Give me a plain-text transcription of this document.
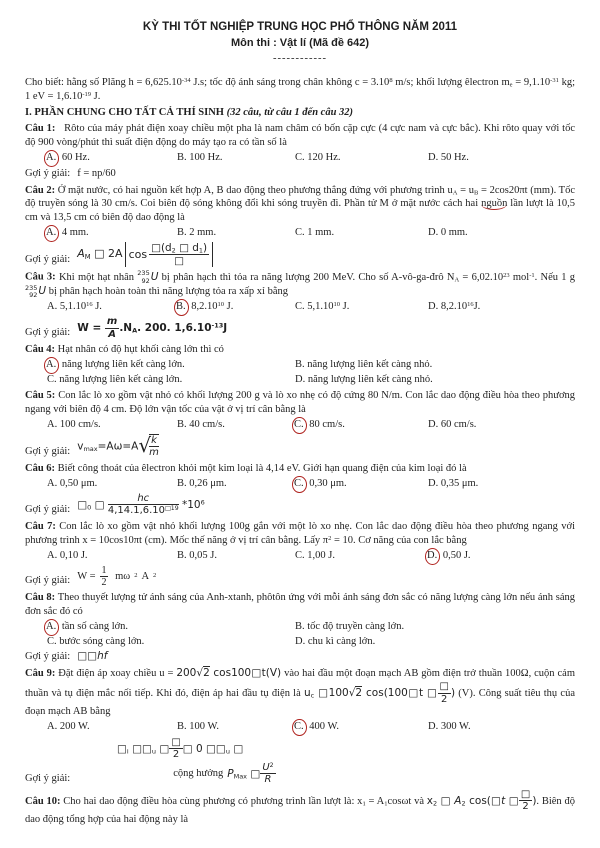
KỲ THI TỐT NGHIỆP TRUNG HỌC PHỔ THÔNG NĂM 2011
Môn thi : Vật lí (Mã đề 642)
------------

Cho biết: hằng số Plăng $h = 6,625.10^{-34}$ J.s; tốc độ ánh sáng trong chân không $c = 3.10^8$ m/s; khối lượng êlectron $m_e = 9,1.10^{-31}$ kg; 1 eV = $1,6.10^{-19}$ J.

I. PHẦN CHUNG CHO TẤT CẢ THÍ SINH (32 câu, từ câu 1 đến câu 32)

Câu 1:   Rôto của máy phát điện xoay chiều một pha là nam châm có bốn cặp cực (4 cực nam và cực bắc). Khi rôto quay với tốc độ 900 vòng/phút thì suất điện động do máy tạo ra có tần số là

A. 60 Hz.	B. 100 Hz.	C. 120 Hz.	D. 50 Hz.
Gợi ý giải: f = np/60

Câu 2: Ở mặt nước, có hai nguồn kết hợp A, B dao động theo phương thẳng đứng với phương trình $u_A = u_B = 2\cos 20\pi t$ (mm). Tốc độ truyền sóng là 30 cm/s. Coi biên độ sóng không đổi khi sóng truyền đi. Phần tử M ở mặt nước cách hai nguồn lần lượt là 10,5 cm và 13,5 cm có biên độ dao động là

A. 4 mm.	B. 2 mm.	C. 1 mm.	D. 0 mm.
Gợi ý giải: $A_M$ □ 2A $\cos □(d_2$ □ $d_1$)
□

Câu 3: Khi một hạt nhân 235
92 U bị phân hạch thì tỏa ra năng lượng 200 MeV. Cho số A-vô-ga-đrô $N_A = 6,02.10^{23}$ mol$^{-1}$. Nếu 1 g
235
92 U bị phân hạch hoàn toàn thì năng lượng tỏa ra xấp xỉ bằng

A. 5,1.10$^{16}$ J.	B. 8,2.10$^{10}$ J.	C. 5,1.10$^{10}$ J.	D. 8,2.10$^{16}$J.
Gợi ý giải: $W = \frac{m}{A} .N_A$. 200. $1,6.10^{-13}J$

Câu 4: Hạt nhân có độ hụt khối càng lớn thì có

A. năng lượng liên kết càng lớn.	B. năng lượng liên kết càng nhỏ.
C. năng lượng liên kết càng lớn.	D. năng lượng liên kết càng nhỏ.

Câu 5: Con lắc lò xo gồm vật nhỏ có khối lượng 200 g và lò xo nhẹ có độ cứng 80 N/m. Con lắc dao động điều hòa theo phương ngang với biên độ 4 cm. Độ lớn vận tốc của vật ở vị trí cân bằng là

A. 100 cm/s.	B. 40 cm/s.	C. 80 cm/s.	D. 60 cm/s.
Gợi ý giải: $v_{max}=A\omega=A$ √ k
m

Câu 6: Biết công thoát của êlectron khỏi một kim loại là 4,14 eV. Giới hạn quang điện của kim loại đó là

A. 0,50 μm.	B. 0,26 μm.	C. 0,30 μm.	D. 0,35 μm.
Gợi ý giải: $□_0$ □ $\frac{hc}{4,14.1,6.10^{□19}} *10^6$

Câu 7: Con lắc lò xo gồm vật nhỏ khối lượng 100g gắn với một lò xo nhẹ. Con lắc dao động điều hòa theo phương ngang với phương trình x = 10cos10πt (cm). Mốc thế năng ở vị trí cân bằng. Lấy $\pi^2 = 10$. Cơ năng của con lắc bằng

A. 0,10 J.	B. 0,05 J.	C. 1,00 J.	D. 0,50 J.
Gợi ý giải: W =
1
2
mω 2 A 2

Câu 8: Theo thuyết lượng tử ánh sáng của Anh-xtanh, phôtôn ứng với mỗi ánh sáng đơn sắc có năng lượng càng lớn nếu ánh sáng đơn sắc đó có

A. tần số càng lớn.	B. tốc độ truyền càng lớn.
C. bước sóng càng lớn.	D. chu kì càng lớn.
Gợi ý giải: □□hf

Câu 9: Đặt điện áp xoay chiều u = 200√2 cos100□t(V) vào hai đầu một đoạn mạch AB gồm điện trở thuần 100Ω, cuộn cảm thuần và tụ điện mắc nối tiếp. Khi đó, điện áp hai đầu tụ điện là $u_c$ □100√2 cos(100□t □
□
2 ) (V). Công suất tiêu thụ của đoạn mạch AB bằng

A. 200 W.	B. 100 W.	C. 400 W.	D. 300 W.
$□_i$ $□□_u$ □
□
2 □ 0 $□□_u$ □
Gợi ý giải:	cộng hưởng $P_{Max}$ □ $\frac{U^2}{R}$

Câu 10: Cho hai dao động điều hòa cùng phương có phương trình lần lượt là: $x_1 = A_1\cos\omega t$ và $x_2$ □ $A_2$ cos(□t □
□
2 ). Biên độ dao động tổng hợp của hai động này là
